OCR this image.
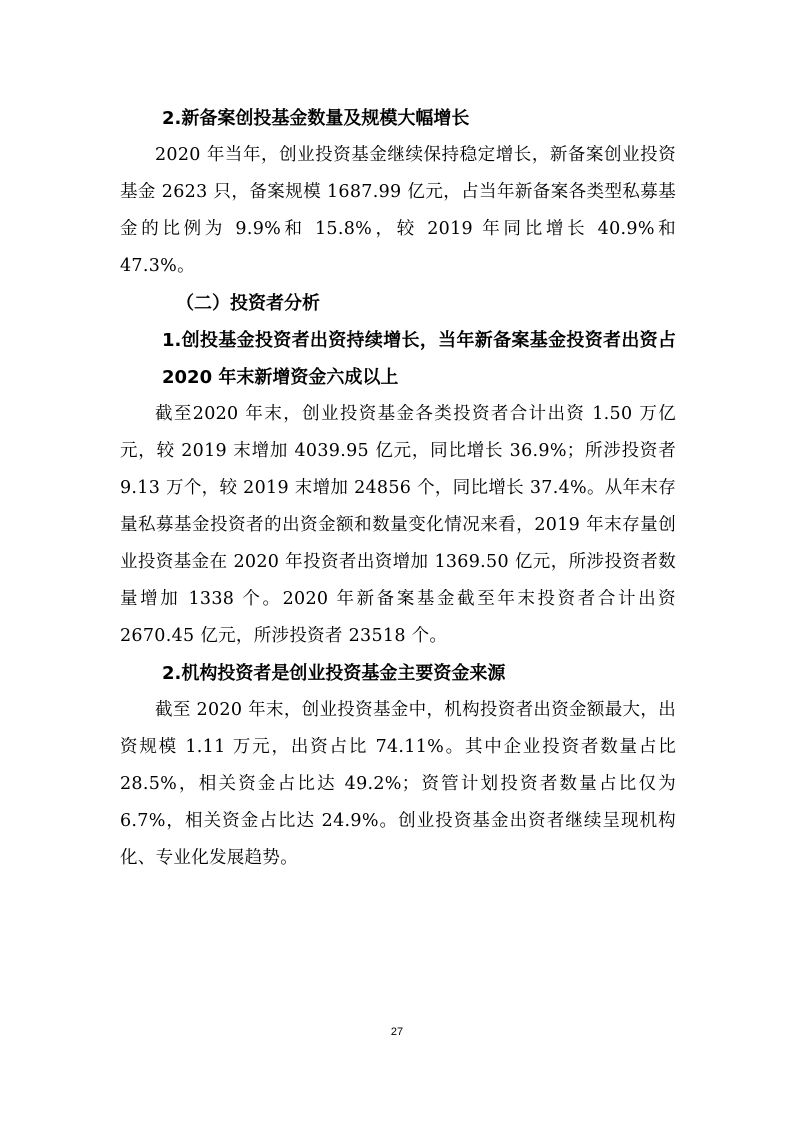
2.新备案创投基金数量及规模大幅增长

2020 年当年，创业投资基金继续保持稳定增长，新备案创业投资基金 2623 只，备案规模 1687.99 亿元，占当年新备案各类型私募基金的比例为 9.9%和 15.8%，较 2019 年同比增长 40.9%和 47.3%。

（二）投资者分析

1.创投基金投资者出资持续增长，当年新备案基金投资者出资占 2020 年末新增资金六成以上

截至2020 年末，创业投资基金各类投资者合计出资 1.50 万亿元，较 2019 末增加 4039.95 亿元，同比增长 36.9%；所涉投资者 9.13 万个，较 2019 末增加 24856 个，同比增长 37.4%。从年末存量私募基金投资者的出资金额和数量变化情况来看，2019 年末存量创业投资基金在 2020 年投资者出资增加 1369.50 亿元，所涉投资者数量增加 1338 个。2020 年新备案基金截至年末投资者合计出资 2670.45 亿元，所涉投资者 23518 个。

2.机构投资者是创业投资基金主要资金来源

截至 2020 年末，创业投资基金中，机构投资者出资金额最大，出资规模 1.11 万元，出资占比 74.11%。其中企业投资者数量占比 28.5%，相关资金占比达 49.2%；资管计划投资者数量占比仅为 6.7%，相关资金占比达 24.9%。创业投资基金出资者继续呈现机构化、专业化发展趋势。

27
